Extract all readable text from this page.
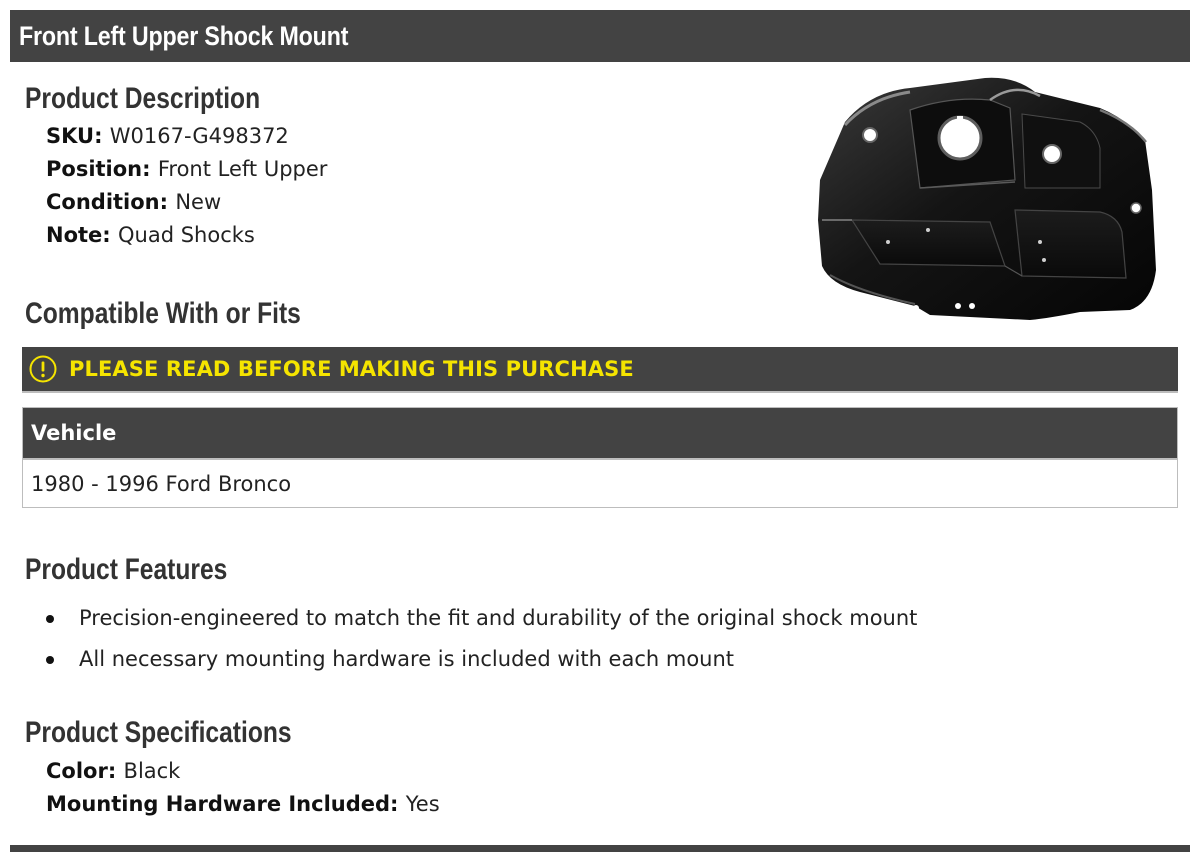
Front Left Upper Shock Mount
Product Description
SKU: W0167-G498372
Position: Front Left Upper
Condition: New
Note: Quad Shocks
Compatible With or Fits
PLEASE READ BEFORE MAKING THIS PURCHASE
Vehicle
1980 - 1996 Ford Bronco
Product Features
Precision-engineered to match the fit and durability of the original shock mount
All necessary mounting hardware is included with each mount
Product Specifications
Color: Black
Mounting Hardware Included: Yes
